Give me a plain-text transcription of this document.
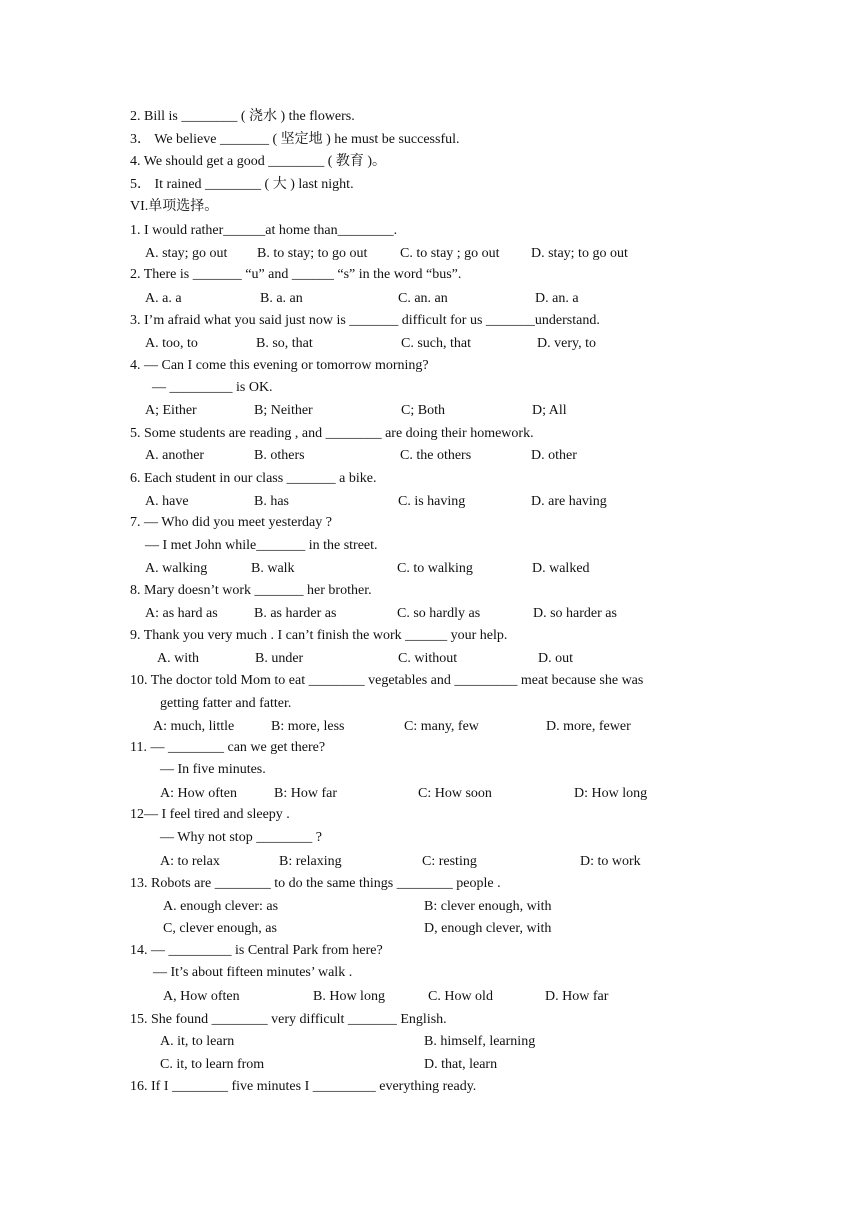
2. Bill is ________ ( 浇水 ) the flowers.
3． We believe _______ ( 坚定地 ) he must be successful.
4. We should get a good ________ ( 教育 )。
5． It rained ________ ( 大 ) last night.
VI.单项选择。
1. I would rather______at home than________.
A. stay; go out B. to stay; to go out C. to stay ; go out D. stay; to go out
2. There is _______ “u” and ______ “s” in the word “bus”.
A. a. a	B. a. an	C. an. an	D. an. a
3. I’m afraid what you said just now is _______ difficult for us _______understand.
A. too, to	B. so, that	C. such, that	D. very, to
4. — Can I come this evening or tomorrow morning?
— _________ is OK.
A; Either	B; Neither	C; Both	D; All
5. Some students are reading , and ________ are doing their homework.
A. another	B. others	C. the others	D. other
6. Each student in our class _______ a bike.
A. have	B. has	C. is having	D. are having
7. — Who did you meet yesterday ?
— I met John while_______ in the street.
A. walking	B. walk	C. to walking	D. walked
8. Mary doesn’t work _______ her brother.
A: as hard as	B. as harder as	C. so hardly as	D. so harder as
9. Thank you very much . I can’t finish the work ______ your help.
A. with	B. under	C. without	D. out
10. The doctor told Mom to eat ________ vegetables and _________ meat because she was
getting fatter and fatter.
A: much, little	B: more, less	C: many, few	D. more, fewer
11. — ________ can we get there?
— In five minutes.
A: How often	B: How far	C: How soon	D: How long
12— I feel tired and sleepy .
— Why not stop ________ ?
A: to relax	B: relaxing	C: resting	D: to work
13. Robots are ________ to do the same things ________ people .
A. enough clever: as	B: clever enough, with
C, clever enough, as	D, enough clever, with
14. — _________ is Central Park from here?
— It’s about fifteen minutes’ walk .
A, How often	B. How long	C. How old	D. How far
15. She found ________ very difficult _______ English.
A. it, to learn	B. himself, learning
C. it, to learn from	D. that, learn
16. If I ________ five minutes I _________ everything ready.
